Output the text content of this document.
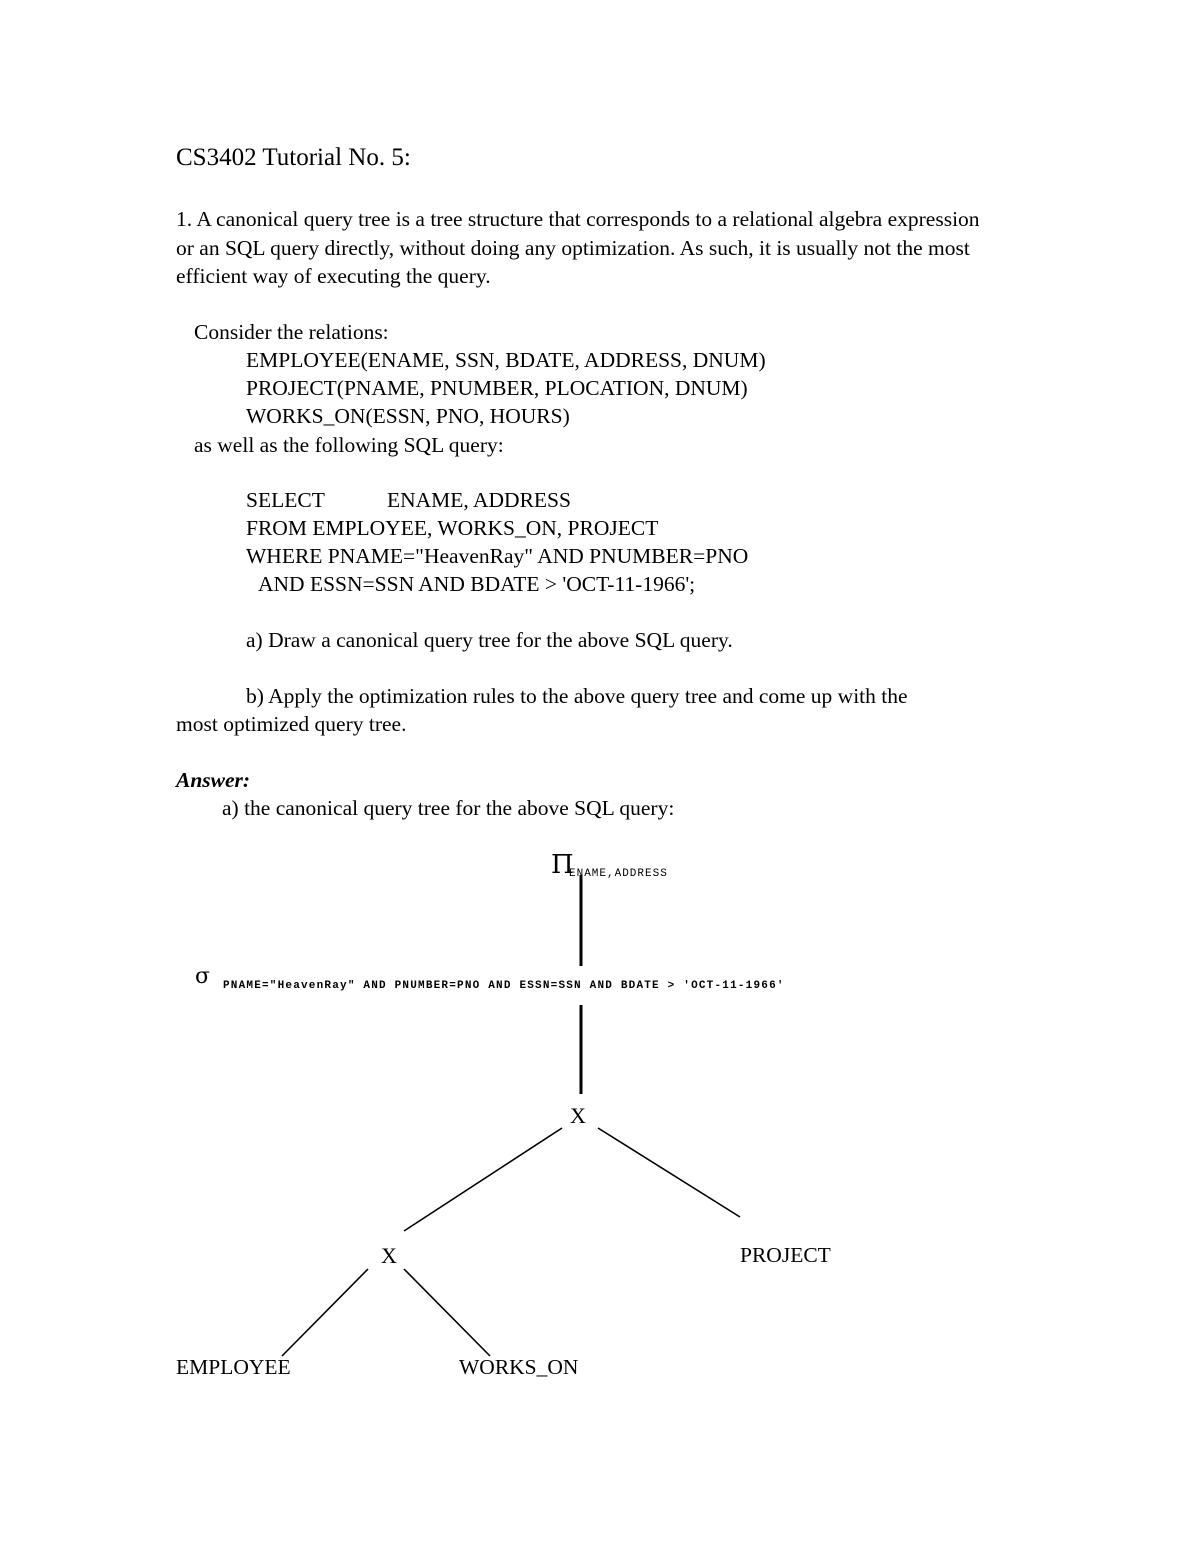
CS3402 Tutorial No. 5:
1. A canonical query tree is a tree structure that corresponds to a relational algebra expression or an SQL query directly, without doing any optimization. As such, it is usually not the most efficient way of executing the query.
Consider the relations:
EMPLOYEE(ENAME, SSN, BDATE, ADDRESS, DNUM)
PROJECT(PNAME, PNUMBER, PLOCATION, DNUM)
WORKS_ON(ESSN, PNO, HOURS)
as well as the following SQL query:
SELECT	ENAME, ADDRESS
FROM EMPLOYEE, WORKS_ON, PROJECT
WHERE PNAME="HeavenRay" AND PNUMBER=PNO
AND ESSN=SSN AND BDATE > 'OCT-11-1966';
a) Draw a canonical query tree for the above SQL query.
b) Apply the optimization rules to the above query tree and come up with the
most optimized query tree.
Answer:
a) the canonical query tree for the above SQL query:
Π
ENAME,ADDRESS
σ PNAME="HeavenRay" AND PNUMBER=PNO AND ESSN=SSN AND BDATE > 'OCT-11-1966'
X
X	PROJECT
EMPLOYEE	WORKS_ON
